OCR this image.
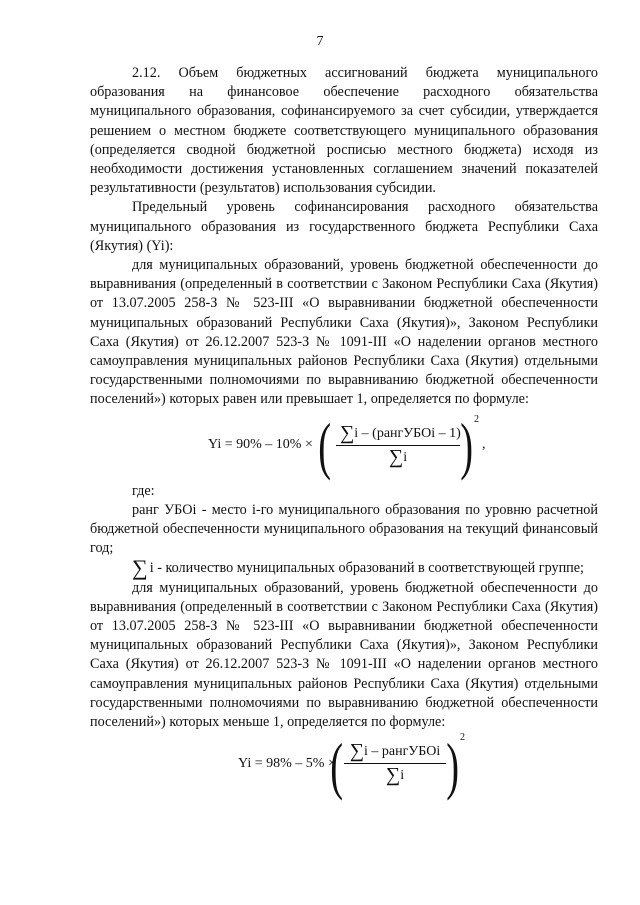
7

2.12. Объем бюджетных ассигнований бюджета муниципального образования на финансовое обеспечение расходного обязательства муниципального образования, софинансируемого за счет субсидии, утверждается решением о местном бюджете соответствующего муниципального образования (определяется сводной бюджетной росписью местного бюджета) исходя из необходимости достижения установленных соглашением значений показателей результативности (результатов) использования субсидии.

Предельный уровень софинансирования расходного обязательства муниципального образования из государственного бюджета Республики Саха (Якутия) (Yi):

для муниципальных образований, уровень бюджетной обеспеченности до выравнивания (определенный в соответствии с Законом Республики Саха (Якутия) от 13.07.2005 258-З № 523-III «О выравнивании бюджетной обеспеченности муниципальных образований Республики Саха (Якутия)», Законом Республики Саха (Якутия) от 26.12.2007 523-З № 1091-III «О наделении органов местного самоуправления муниципальных районов Республики Саха (Якутия) отдельными государственными полномочиями по выравниванию бюджетной обеспеченности поселений») которых равен или превышает 1, определяется по формуле:

Yi = 90% – 10% × ( ∑i – (рангУБОi – 1)
∑i ) 2
,

где:

ранг УБОi - место i-го муниципального образования по уровню расчетной бюджетной обеспеченности муниципального образования на текущий финансовый год;

∑ i - количество муниципальных образований в соответствующей группе;

для муниципальных образований, уровень бюджетной обеспеченности до выравнивания (определенный в соответствии с Законом Республики Саха (Якутия) от 13.07.2005 258-З № 523-III «О выравнивании бюджетной обеспеченности муниципальных образований Республики Саха (Якутия)», Законом Республики Саха (Якутия) от 26.12.2007 523-З № 1091-III «О наделении органов местного самоуправления муниципальных районов Республики Саха (Якутия) отдельными государственными полномочиями по выравниванию бюджетной обеспеченности поселений») которых меньше 1, определяется по формуле:

Yi = 98% – 5% ×
( ∑i – рангУБОi
∑i ) 2
